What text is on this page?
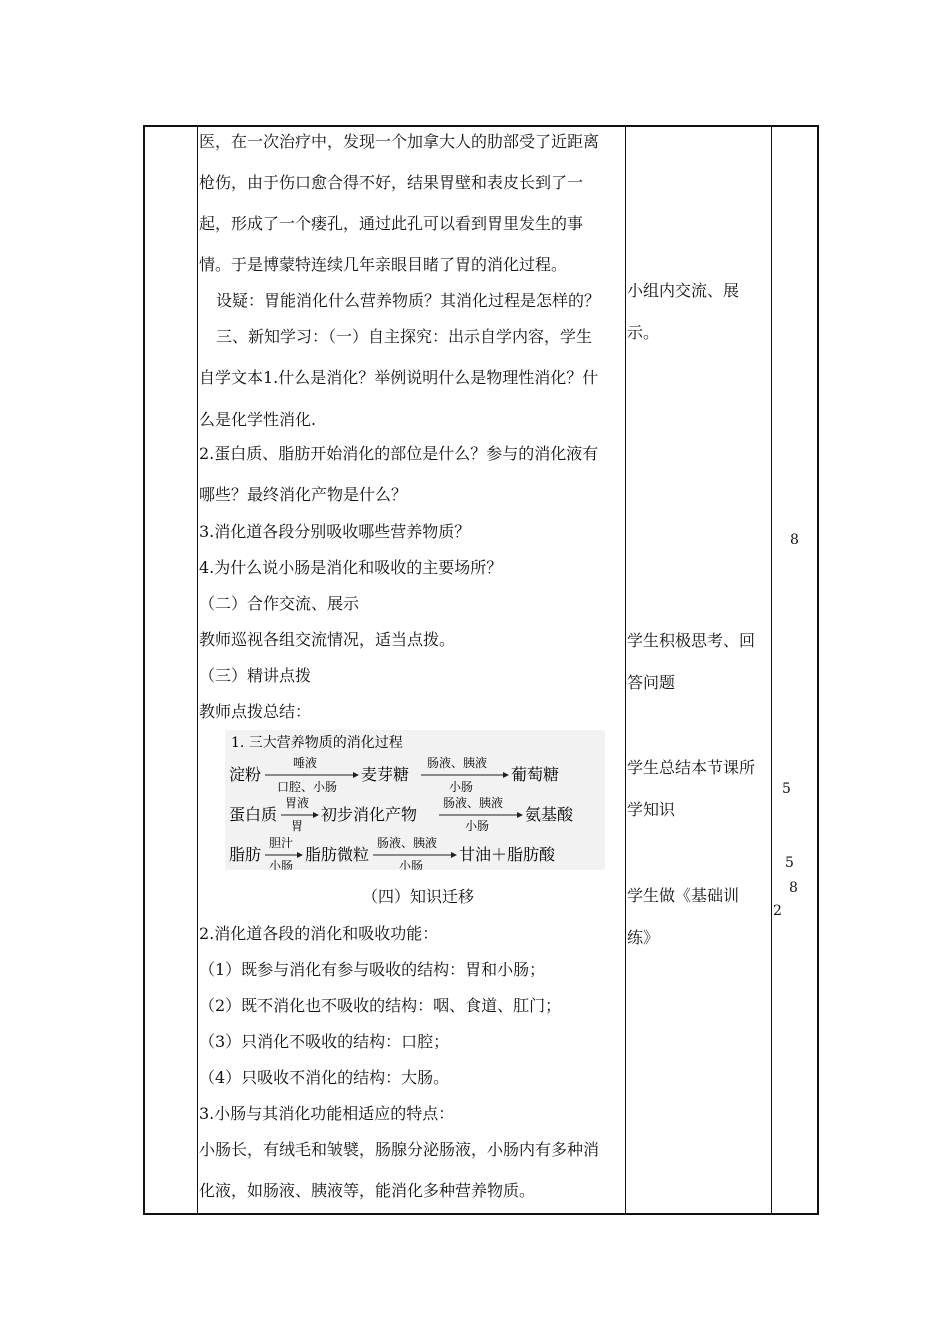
医，在一次治疗中，发现一个加拿大人的肋部受了近距离
枪伤，由于伤口愈合得不好，结果胃壁和表皮长到了一
起，形成了一个瘘孔，通过此孔可以看到胃里发生的事
情。于是博蒙特连续几年亲眼目睹了胃的消化过程。
设疑：胃能消化什么营养物质？其消化过程是怎样的？
三、新知学习：（一）自主探究：出示自学内容，学生
自学文本1.什么是消化？举例说明什么是物理性消化？什
么是化学性消化.
2.蛋白质、脂肪开始消化的部位是什么？参与的消化液有
哪些？最终消化产物是什么？
3.消化道各段分别吸收哪些营养物质？
4.为什么说小肠是消化和吸收的主要场所？
（二）合作交流、展示
教师巡视各组交流情况，适当点拨。
（三）精讲点拨
教师点拨总结：
1. 三大营养物质的消化过程
淀粉
唾液
口腔、小肠
麦芽糖
肠液、胰液
小肠
葡萄糖
蛋白质
胃液
胃
初步消化产物
肠液、胰液
小肠
氨基酸
脂肪
胆汁
小肠
脂肪微粒
肠液、胰液
小肠
甘油＋脂肪酸
（四）知识迁移
2.消化道各段的消化和吸收功能：
（1）既参与消化有参与吸收的结构：胃和小肠；
（2）既不消化也不吸收的结构：咽、食道、肛门；
（3）只消化不吸收的结构：口腔；
（4）只吸收不消化的结构：大肠。
3.小肠与其消化功能相适应的特点：
小肠长，有绒毛和皱襞，肠腺分泌肠液，小肠内有多种消
化液，如肠液、胰液等，能消化多种营养物质。
小组内交流、展
示。
学生积极思考、回
答问题
学生总结本节课所
学知识
学生做《基础训
练》
8
5
5
8
2
